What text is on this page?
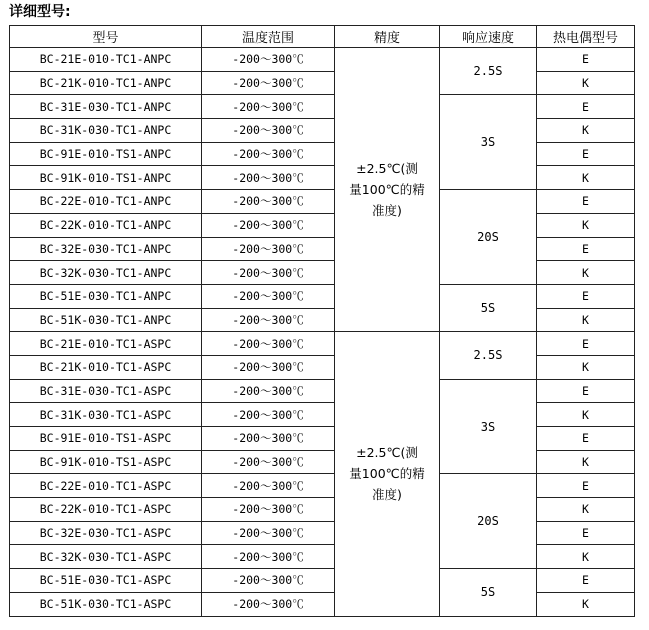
详细型号:
型号	温度范围	精度	响应速度	热电偶型号
BC-21E-010-TC1-ANPC	-200～300℃	±2.5℃(测
量100℃的精
准度)	2.5S	E
BC-21K-010-TC1-ANPC	-200～300℃			K
BC-31E-030-TC1-ANPC	-200～300℃		3S	E
BC-31K-030-TC1-ANPC	-200～300℃			K
BC-91E-010-TS1-ANPC	-200～300℃			E
BC-91K-010-TS1-ANPC	-200～300℃			K
BC-22E-010-TC1-ANPC	-200～300℃		20S	E
BC-22K-010-TC1-ANPC	-200～300℃			K
BC-32E-030-TC1-ANPC	-200～300℃			E
BC-32K-030-TC1-ANPC	-200～300℃			K
BC-51E-030-TC1-ANPC	-200～300℃		5S	E
BC-51K-030-TC1-ANPC	-200～300℃			K
BC-21E-010-TC1-ASPC	-200～300℃	±2.5℃(测
量100℃的精
准度)	2.5S	E
BC-21K-010-TC1-ASPC	-200～300℃			K
BC-31E-030-TC1-ASPC	-200～300℃		3S	E
BC-31K-030-TC1-ASPC	-200～300℃			K
BC-91E-010-TS1-ASPC	-200～300℃			E
BC-91K-010-TS1-ASPC	-200～300℃			K
BC-22E-010-TC1-ASPC	-200～300℃		20S	E
BC-22K-010-TC1-ASPC	-200～300℃			K
BC-32E-030-TC1-ASPC	-200～300℃			E
BC-32K-030-TC1-ASPC	-200～300℃			K
BC-51E-030-TC1-ASPC	-200～300℃		5S	E
BC-51K-030-TC1-ASPC	-200～300℃			K
